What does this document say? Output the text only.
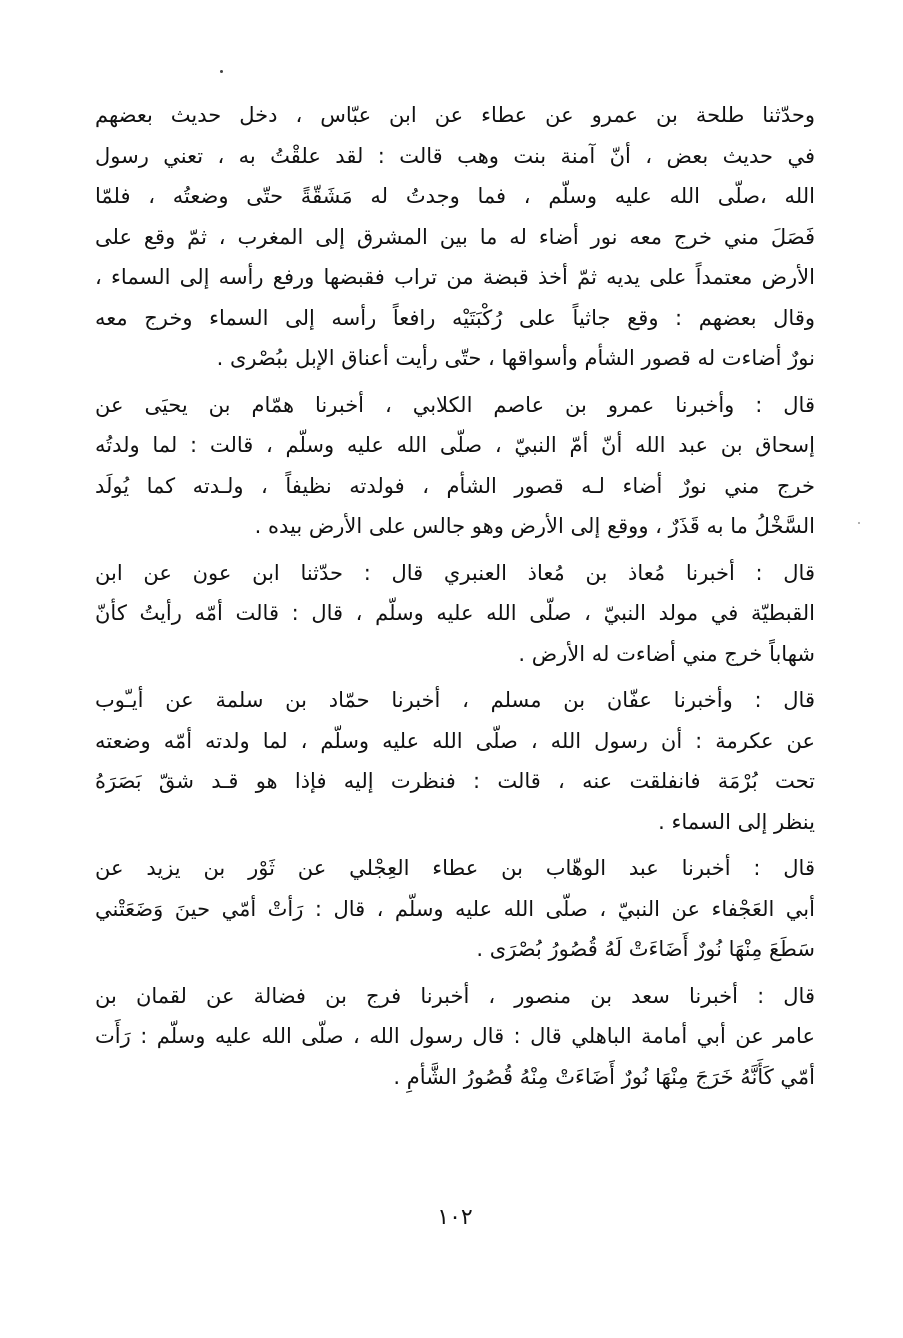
وحدّثنا طلحة بن عمرو عن عطاء عن ابن عبّاس ، دخل حديث بعضهم
في حديث بعض ، أنّ آمنة بنت وهب قالت : لقد علقْتُ به ، تعني رسول
الله ،صلّى الله عليه وسلّم ، فما وجدتُ له مَشَقّةً حتّى وضعتُه ، فلمّا
فَصَلَ مني خرج معه نور أضاء له ما بين المشرق إلى المغرب ، ثمّ وقع على
الأرض معتمداً على يديه ثمّ أخذ قبضة من تراب فقبضها ورفع رأسه إلى السماء ،
وقال بعضهم : وقع جاثياً على رُكْبَتَيْه رافعاً رأسه إلى السماء وخرج معه
نورٌ أضاءت له قصور الشأم وأسواقها ، حتّى رأيت أعناق الإبل ببُصْرى .
قال : وأخبرنا عمرو بن عاصم الكلابي ، أخبرنا همّام بن يحيَى عن
إسحاق بن عبد الله أنّ أمّ النبيّ ، صلّى الله عليه وسلّم ، قالت : لما ولدتُه
خرج مني نورٌ أضاء لـه قصور الشأم ، فولدته نظيفاً ، ولـدته كما يُولَد
السَّخْلُ ما به قَذَرٌ ، ووقع إلى الأرض وهو جالس على الأرض بيده .
قال : أخبرنا مُعاذ بن مُعاذ العنبري قال : حدّثنا ابن عون عن ابن
القبطيّة في مولد النبيّ ، صلّى الله عليه وسلّم ، قال : قالت أمّه رأيتُ كأنّ
شهاباً خرج مني أضاءت له الأرض .
قال : وأخبرنا عفّان بن مسلم ، أخبرنا حمّاد بن سلمة عن أيـّوب
عن عكرمة : أن رسول الله ، صلّى الله عليه وسلّم ، لما ولدته أمّه وضعته
تحت بُرْمَة فانفلقت عنه ، قالت : فنظرت إليه فإذا هو قـد شقّ بَصَرَهُ
ينظر إلى السماء .
قال : أخبرنا عبد الوهّاب بن عطاء العِجْلي عن ثَوْر بن يزيد عن
أبي العَجْفاء عن النبيّ ، صلّى الله عليه وسلّم ، قال : رَأتْ أمّي حينَ وَضَعَتْني
سَطَعَ مِنْهَا نُورٌ أَضَاءَتْ لَهُ قُصُورُ بُصْرَى .
قال : أخبرنا سعد بن منصور ، أخبرنا فرج بن فضالة عن لقمان بن
عامر عن أبي أمامة الباهلي قال : قال رسول الله ، صلّى الله عليه وسلّم : رَأَت
أمّي كَأَنَّهُ خَرَجَ مِنْهَا نُورٌ أَضَاءَتْ مِنْهُ قُصُورُ الشَّأمِ .
١٠٢
